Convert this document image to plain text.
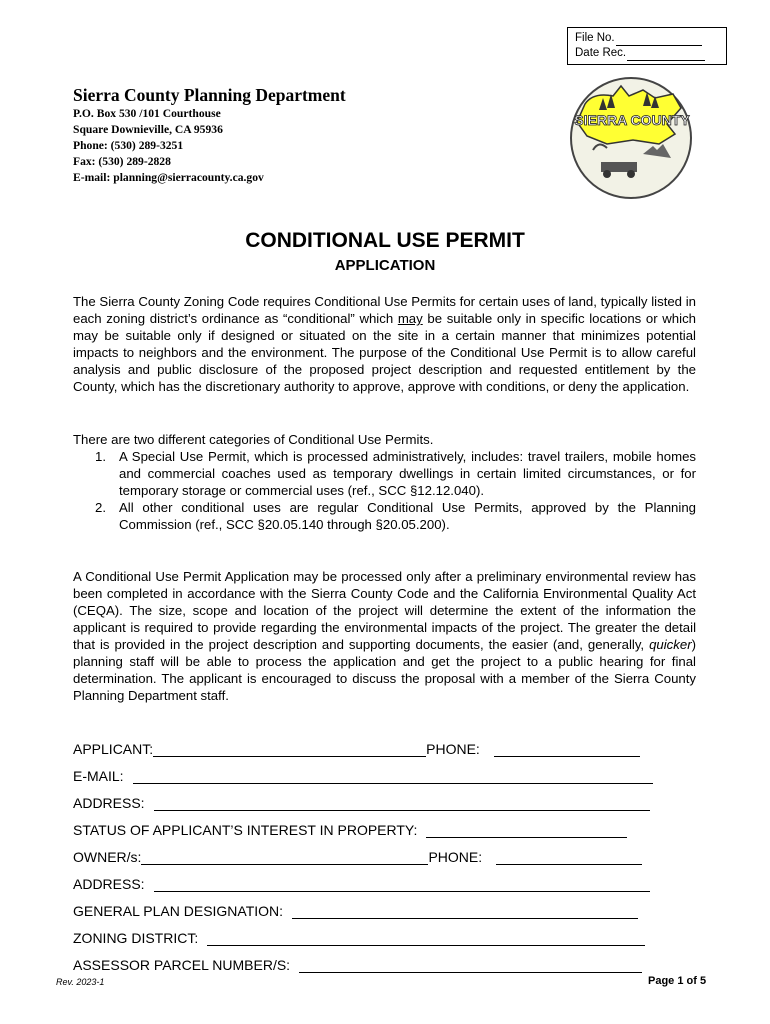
File No.
Date Rec.
Sierra County Planning Department
P.O. Box 530 /101 Courthouse
Square Downieville, CA 95936
Phone: (530) 289-3251
Fax: (530) 289-2828
E-mail: planning@sierracounty.ca.gov
SIERRA COUNTY
CONDITIONAL USE PERMIT
APPLICATION

The Sierra County Zoning Code requires Conditional Use Permits for certain uses of land, typically listed in each zoning district’s ordinance as “conditional” which may be suitable only in specific locations or which may be suitable only if designed or situated on the site in a certain manner that minimizes potential impacts to neighbors and the environment. The purpose of the Conditional Use Permit is to allow careful analysis and public disclosure of the proposed project description and requested entitlement by the County, which has the discretionary authority to approve, approve with conditions, or deny the application.

There are two different categories of Conditional Use Permits.

1. A Special Use Permit, which is processed administratively, includes: travel trailers, mobile homes and commercial coaches used as temporary dwellings in certain limited circumstances, or for temporary storage or commercial uses (ref., SCC §12.12.040).
2. All other conditional uses are regular Conditional Use Permits, approved by the Planning Commission (ref., SCC §20.05.140 through §20.05.200).

A Conditional Use Permit Application may be processed only after a preliminary environmental review has been completed in accordance with the Sierra County Code and the California Environmental Quality Act (CEQA). The size, scope and location of the project will determine the extent of the information the applicant is required to provide regarding the environmental impacts of the project. The greater the detail that is provided in the project description and supporting documents, the easier (and, generally, quicker) planning staff will be able to process the application and get the project to a public hearing for final determination. The applicant is encouraged to discuss the proposal with a member of the Sierra County Planning Department staff.

APPLICANT:	PHONE:
E-MAIL:
ADDRESS:
STATUS OF APPLICANT’S INTEREST IN PROPERTY:
OWNER/s:	PHONE:
ADDRESS:
GENERAL PLAN DESIGNATION:
ZONING DISTRICT:
ASSESSOR PARCEL NUMBER/S:
Rev. 2023-1	Page 1 of 5
